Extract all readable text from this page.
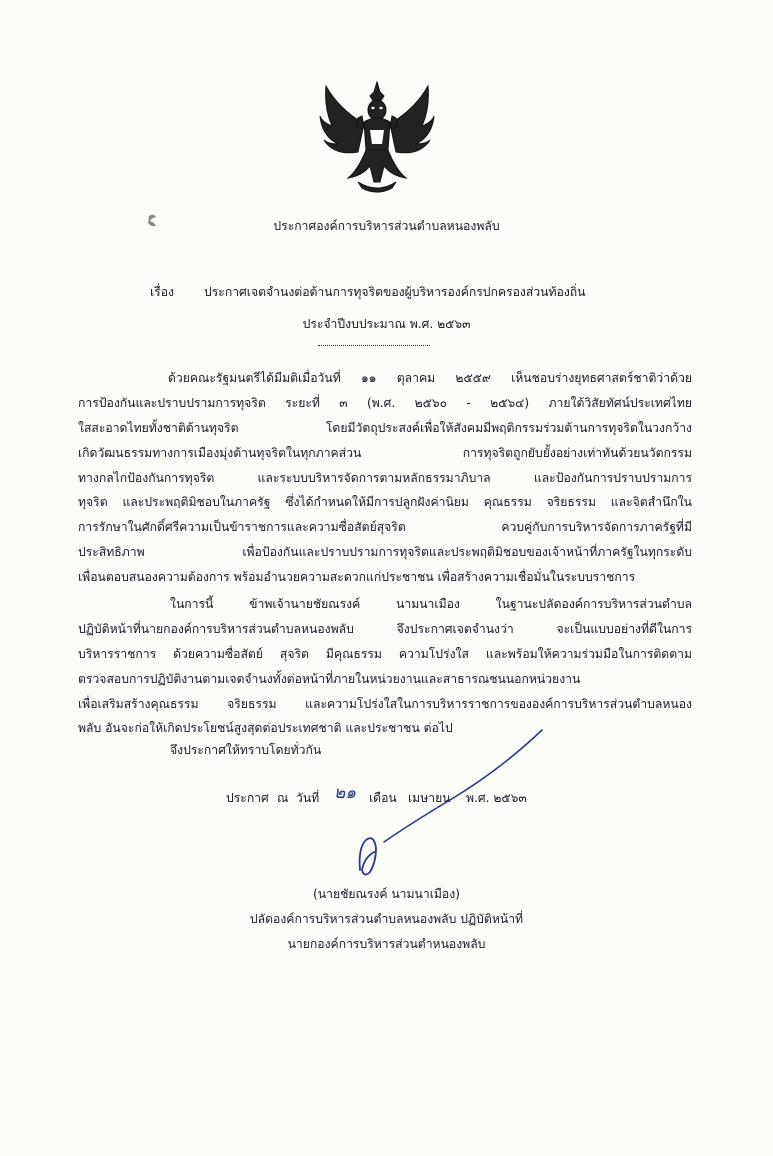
ประกาศองค์การบริหารส่วนตำบลหนองพลับ
เรื่อง ประกาศเจตจำนงต่อต้านการทุจริตของผู้บริหารองค์กรปกครองส่วนท้องถิ่น
ประจำปีงบประมาณ พ.ศ. ๒๕๖๓
ด้วยคณะรัฐมนตรีได้มีมติเมื่อวันที่ ๑๑ ตุลาคม ๒๕๕๙ เห็นชอบร่างยุทธศาสตร์ชาติว่าด้วย
การป้องกันและปราบปรามการทุจริต ระยะที่ ๓ (พ.ศ. ๒๕๖๐ - ๒๕๖๔) ภายใต้วิสัยทัศน์ประเทศไทย
ใสสะอาดไทยทั้งชาติต้านทุจริต โดยมีวัตถุประสงค์เพื่อให้สังคมมีพฤติกรรมร่วมต้านการทุจริตในวงกว้าง
เกิดวัฒนธรรมทางการเมืองมุ่งต้านทุจริตในทุกภาคส่วน การทุจริตถูกยับยั้งอย่างเท่าทันด้วยนวัตกรรม
ทางกลไกป้องกันการทุจริต และระบบบริหารจัดการตามหลักธรรมาภิบาล และป้องกันการปราบปรามการ
ทุจริต และประพฤติมิชอบในภาครัฐ ซึ่งได้กำหนดให้มีการปลูกฝังค่านิยม คุณธรรม จริยธรรม และจิตสำนึกใน
การรักษาในศักดิ์ศรีความเป็นข้าราชการและความซื่อสัตย์สุจริต ควบคู่กับการบริหารจัดการภาครัฐที่มี
ประสิทธิภาพ เพื่อป้องกันและปราบปรามการทุจริตและประพฤติมิชอบของเจ้าหน้าที่ภาครัฐในทุกระดับ
เพื่อนตอบสนองความต้องการ พร้อมอำนวยความสะดวกแก่ประชาชน เพื่อสร้างความเชื่อมั่นในระบบราชการ
ในการนี้ ข้าพเจ้านายชัยณรงค์ นามนาเมือง ในฐานะปลัดองค์การบริหารส่วนตำบล
ปฏิบัติหน้าที่นายกองค์การบริหารส่วนตำบลหนองพลับ จึงประกาศเจตจำนงว่า จะเป็นแบบอย่างที่ดีในการ
บริหารราชการ ด้วยความซื่อสัตย์ สุจริต มีคุณธรรม ความโปร่งใส และพร้อมให้ความร่วมมือในการติดตาม
ตรวจสอบการปฏิบัติงานตามเจตจำนงทั้งต่อหน้าที่ภายในหน่วยงานและสาธารณชนนอกหน่วยงาน
เพื่อเสริมสร้างคุณธรรม จริยธรรม และความโปร่งใสในการบริหารราชการขององค์การบริหารส่วนตำบลหนอง
พลับ อันจะก่อให้เกิดประโยชน์สูงสุดต่อประเทศชาติ และประชาชน ต่อไป
จึงประกาศให้ทราบโดยทั่วกัน
ประกาศ ณ วันที่ ๒๑ เดือน เมษายน พ.ศ. ๒๕๖๓
(นายชัยณรงค์ นามนาเมือง)
ปลัดองค์การบริหารส่วนตำบลหนองพลับ ปฏิบัติหน้าที่
นายกองค์การบริหารส่วนตำหนองพลับ
